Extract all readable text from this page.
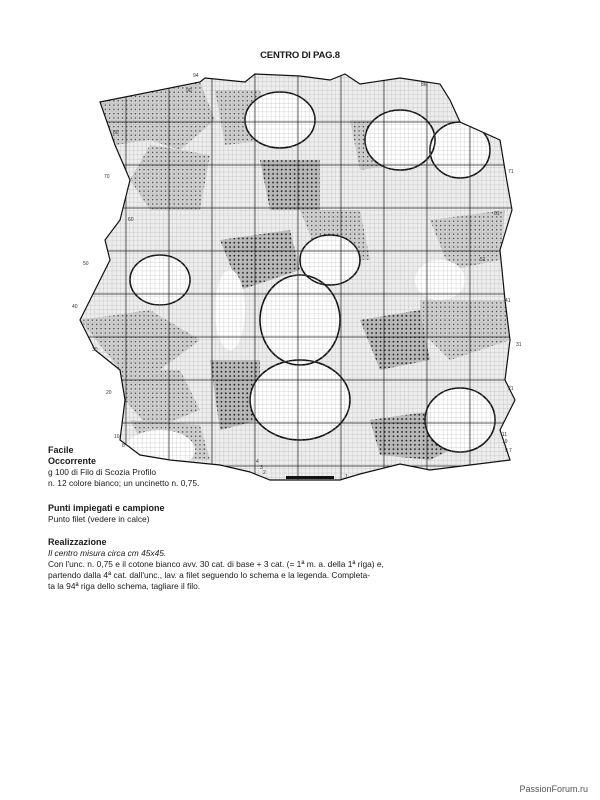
CENTRO DI PAG.8
94
90
86
80
71
70
61
60
51
50
41
40
31
30
21
20
19
11
10
9
8
7
4
3
2
1
Facile
Occorrente
g 100 di Filo di Scozia Profilo
n. 12 colore bianco; un uncinetto n. 0,75.
Punti impiegati e campione
Punto filet (vedere in calce)
Realizzazione
Il centro misura circa cm 45x45.
Con l'unc. n. 0,75 e il cotone bianco avv. 30 cat. di base + 3 cat. (= 1ª m. a. della 1ª riga) e,
partendo dalla 4ª cat. dall'unc., lav. a filet seguendo lo schema e la legenda. Completa-
ta la 94ª riga dello schema, tagliare il filo.
PassionForum.ru
